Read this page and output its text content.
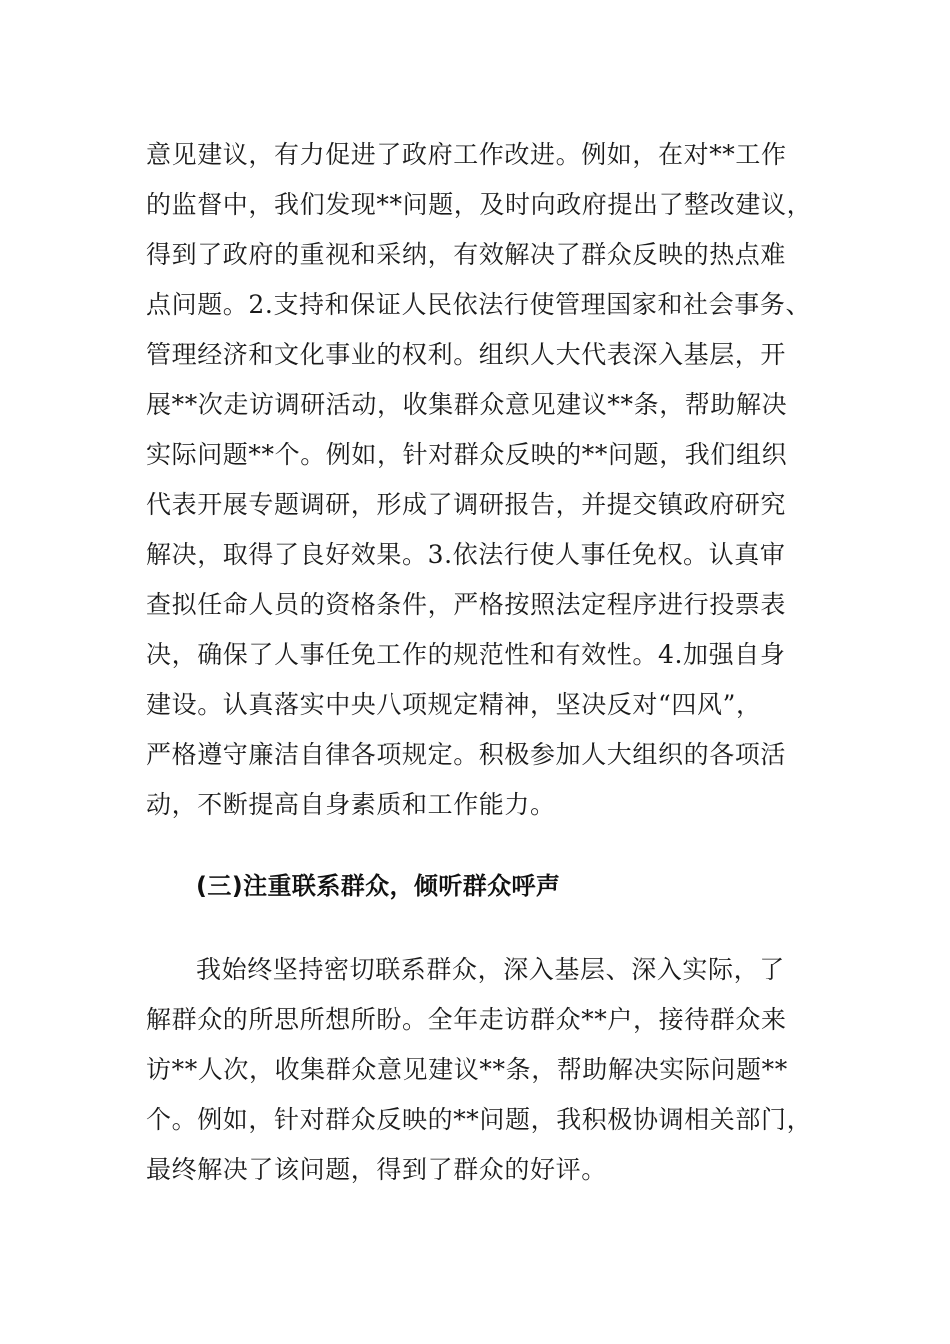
意见建议，有力促进了政府工作改进。例如，在对**工作
的监督中，我们发现**问题，及时向政府提出了整改建议，
得到了政府的重视和采纳，有效解决了群众反映的热点难
点问题。2.支持和保证人民依法行使管理国家和社会事务、
管理经济和文化事业的权利。组织人大代表深入基层，开
展**次走访调研活动，收集群众意见建议**条，帮助解决
实际问题**个。例如，针对群众反映的**问题，我们组织
代表开展专题调研，形成了调研报告，并提交镇政府研究
解决，取得了良好效果。3.依法行使人事任免权。认真审
查拟任命人员的资格条件，严格按照法定程序进行投票表
决，确保了人事任免工作的规范性和有效性。4.加强自身
建设。认真落实中央八项规定精神，坚决反对“四风”，
严格遵守廉洁自律各项规定。积极参加人大组织的各项活
动，不断提高自身素质和工作能力。
(三)注重联系群众，倾听群众呼声
我始终坚持密切联系群众，深入基层、深入实际，了
解群众的所思所想所盼。全年走访群众**户，接待群众来
访**人次，收集群众意见建议**条，帮助解决实际问题**
个。例如，针对群众反映的**问题，我积极协调相关部门，
最终解决了该问题，得到了群众的好评。
